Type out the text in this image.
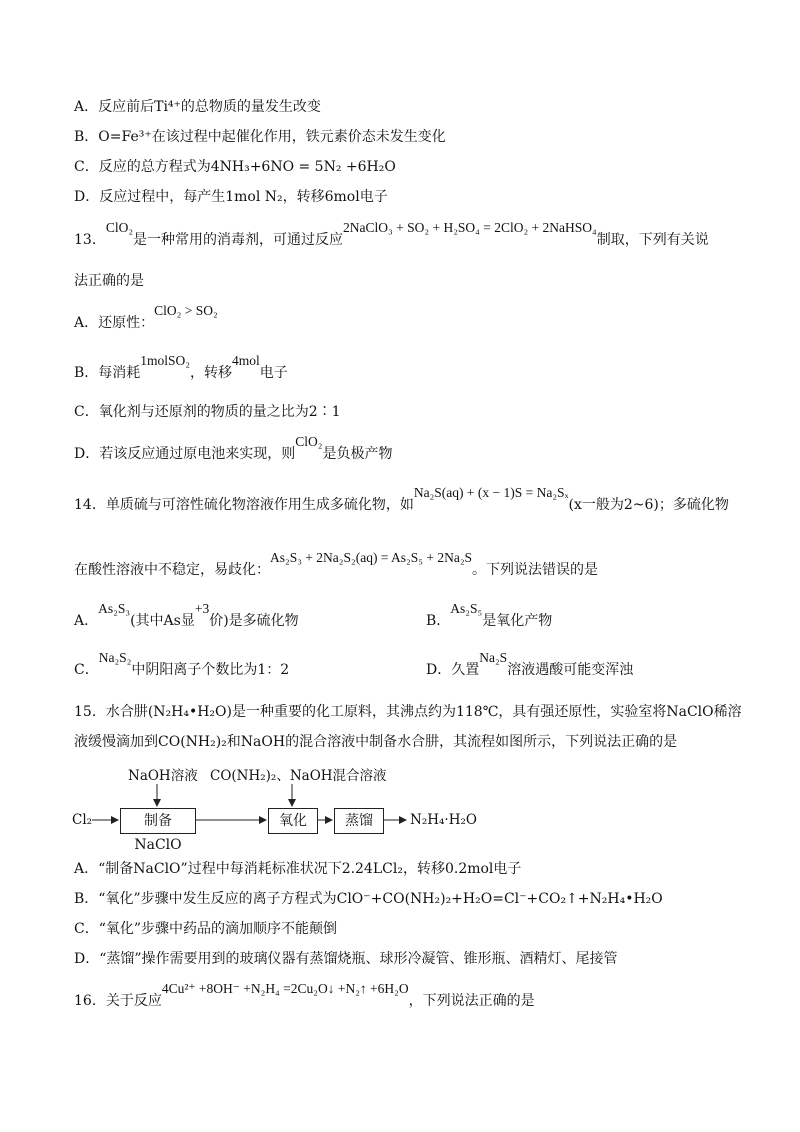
A．反应前后Ti⁴⁺的总物质的量发生改变
B．O=Fe³⁺在该过程中起催化作用，铁元素价态未发生变化
C．反应的总方程式为4NH₃+6NO = 5N₂ +6H₂O
D．反应过程中，每产生1mol N₂，转移6mol电子
13．ClO₂是一种常用的消毒剂，可通过反应2NaClO₃ + SO₂ + H₂SO₄ = 2ClO₂ + 2NaHSO₄制取，下列有关说
法正确的是
A．还原性：ClO₂ > SO₂
B．每消耗1molSO₂，转移4mol电子
C．氧化剂与还原剂的物质的量之比为2∶1
D．若该反应通过原电池来实现，则ClO₂是负极产物
14．单质硫与可溶性硫化物溶液作用生成多硫化物，如Na₂S(aq) + (x − 1)S = Na₂Sₓ(x一般为2~6)；多硫化物
在酸性溶液中不稳定，易歧化：As₂S₃ + 2Na₂S₂(aq) = As₂S₅ + 2Na₂S。下列说法错误的是
A．As₂S₃(其中As显+3价)是多硫化物	B．As₂S₅是氧化产物
C．Na₂S₂中阴阳离子个数比为1：2	D．久置Na₂S溶液遇酸可能变浑浊
15．水合肼(N₂H₄•H₂O)是一种重要的化工原料，其沸点约为118℃，具有强还原性，实验室将NaClO稀溶
液缓慢滴加到CO(NH₂)₂和NaOH的混合溶液中制备水合肼，其流程如图所示，下列说法正确的是
NaOH溶液 CO(NH₂)₂、NaOH混合溶液
Cl₂	制备NaClO
氧化	蒸馏	N₂H₄·H₂O
A．“制备NaClO”过程中每消耗标准状况下2.24LCl₂，转移0.2mol电子
B．“氧化”步骤中发生反应的离子方程式为ClO⁻+CO(NH₂)₂+H₂O=Cl⁻+CO₂↑+N₂H₄•H₂O
C．“氧化”步骤中药品的滴加顺序不能颠倒
D．“蒸馏”操作需要用到的玻璃仪器有蒸馏烧瓶、球形冷凝管、锥形瓶、酒精灯、尾接管
16．关于反应4Cu²⁺ +8OH⁻ +N₂H₄ =2Cu₂O↓ +N₂↑ +6H₂O，下列说法正确的是
